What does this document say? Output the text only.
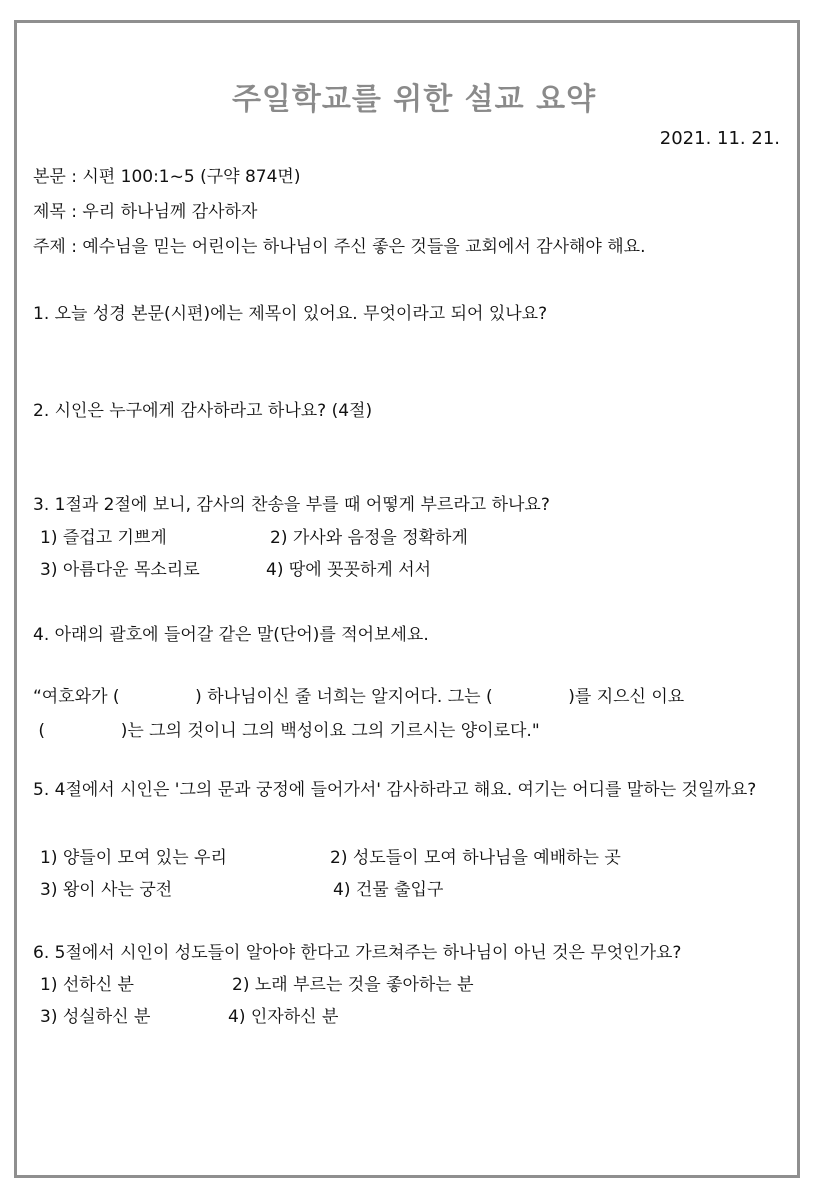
주일학교를 위한 설교 요약
2021. 11. 21.
본문 : 시편 100:1~5 (구약 874면)
제목 : 우리 하나님께 감사하자
주제 : 예수님을 믿는 어린이는 하나님이 주신 좋은 것들을 교회에서 감사해야 해요.
1. 오늘 성경 본문(시편)에는 제목이 있어요. 무엇이라고 되어 있나요?
2. 시인은 누구에게 감사하라고 하나요? (4절)
3. 1절과 2절에 보니, 감사의 찬송을 부를 때 어떻게 부르라고 하나요?
1) 즐겁고 기쁘게	2) 가사와 음정을 정확하게
3) 아름다운 목소리로	4) 땅에 꼿꼿하게 서서
4. 아래의 괄호에 들어갈 같은 말(단어)를 적어보세요.
“여호와가 (              ) 하나님이신 줄 너희는 알지어다. 그는 (              )를 지으신 이요
(              )는 그의 것이니 그의 백성이요 그의 기르시는 양이로다."
5. 4절에서 시인은 '그의 문과 궁정에 들어가서' 감사하라고 해요. 여기는 어디를 말하는 것일까요?
1) 양들이 모여 있는 우리	2) 성도들이 모여 하나님을 예배하는 곳
3) 왕이 사는 궁전	4) 건물 출입구
6. 5절에서 시인이 성도들이 알아야 한다고 가르쳐주는 하나님이 아닌 것은 무엇인가요?
1) 선하신 분	2) 노래 부르는 것을 좋아하는 분
3) 성실하신 분	4) 인자하신 분
